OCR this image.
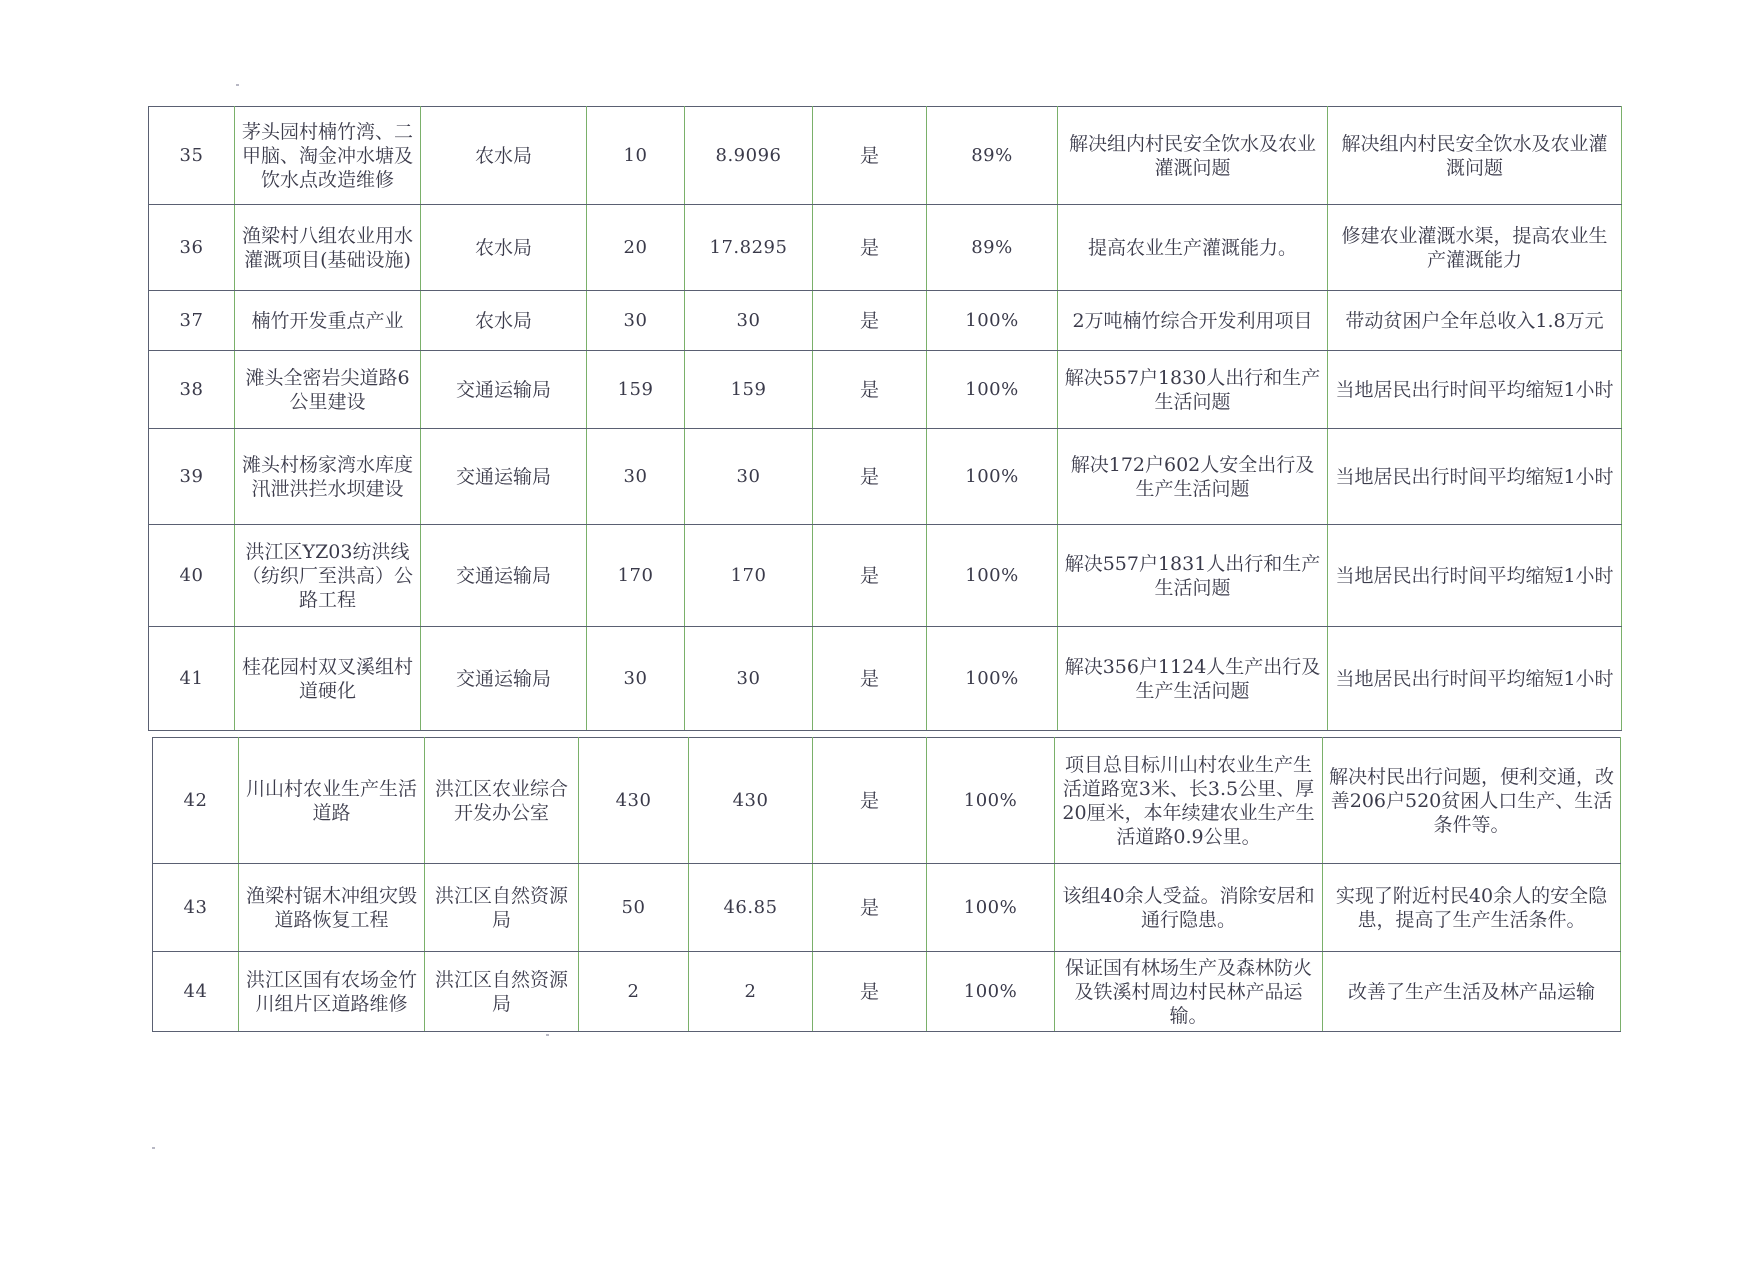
35	茅头园村楠竹湾、二甲脑、淘金冲水塘及饮水点改造维修	农水局	10	8.9096	是	89%	解决组内村民安全饮水及农业灌溉问题	解决组内村民安全饮水及农业灌溉问题
36	渔梁村八组农业用水灌溉项目(基础设施)	农水局	20	17.8295	是	89%	提高农业生产灌溉能力。	修建农业灌溉水渠，提高农业生产灌溉能力
37	楠竹开发重点产业	农水局	30	30	是	100%	2万吨楠竹综合开发利用项目	带动贫困户全年总收入1.8万元
38	滩头全密岩尖道路6公里建设	交通运输局	159	159	是	100%	解决557户1830人出行和生产生活问题	当地居民出行时间平均缩短1小时
39	滩头村杨家湾水库度汛泄洪拦水坝建设	交通运输局	30	30	是	100%	解决172户602人安全出行及生产生活问题	当地居民出行时间平均缩短1小时
40	洪江区YZ03纺洪线（纺织厂至洪高）公路工程	交通运输局	170	170	是	100%	解决557户1831人出行和生产生活问题	当地居民出行时间平均缩短1小时
41	桂花园村双叉溪组村道硬化	交通运输局	30	30	是	100%	解决356户1124人生产出行及生产生活问题	当地居民出行时间平均缩短1小时
42	川山村农业生产生活道路	洪江区农业综合开发办公室	430	430	是	100%	项目总目标川山村农业生产生活道路宽3米、长3.5公里、厚20厘米，本年续建农业生产生活道路0.9公里。	解决村民出行问题，便利交通，改善206户520贫困人口生产、生活条件等。
43	渔梁村锯木冲组灾毁道路恢复工程	洪江区自然资源局	50	46.85	是	100%	该组40余人受益。消除安居和通行隐患。	实现了附近村民40余人的安全隐患，提高了生产生活条件。
44	洪江区国有农场金竹川组片区道路维修	洪江区自然资源局	2	2	是	100%	保证国有林场生产及森林防火及铁溪村周边村民林产品运输。	改善了生产生活及林产品运输
